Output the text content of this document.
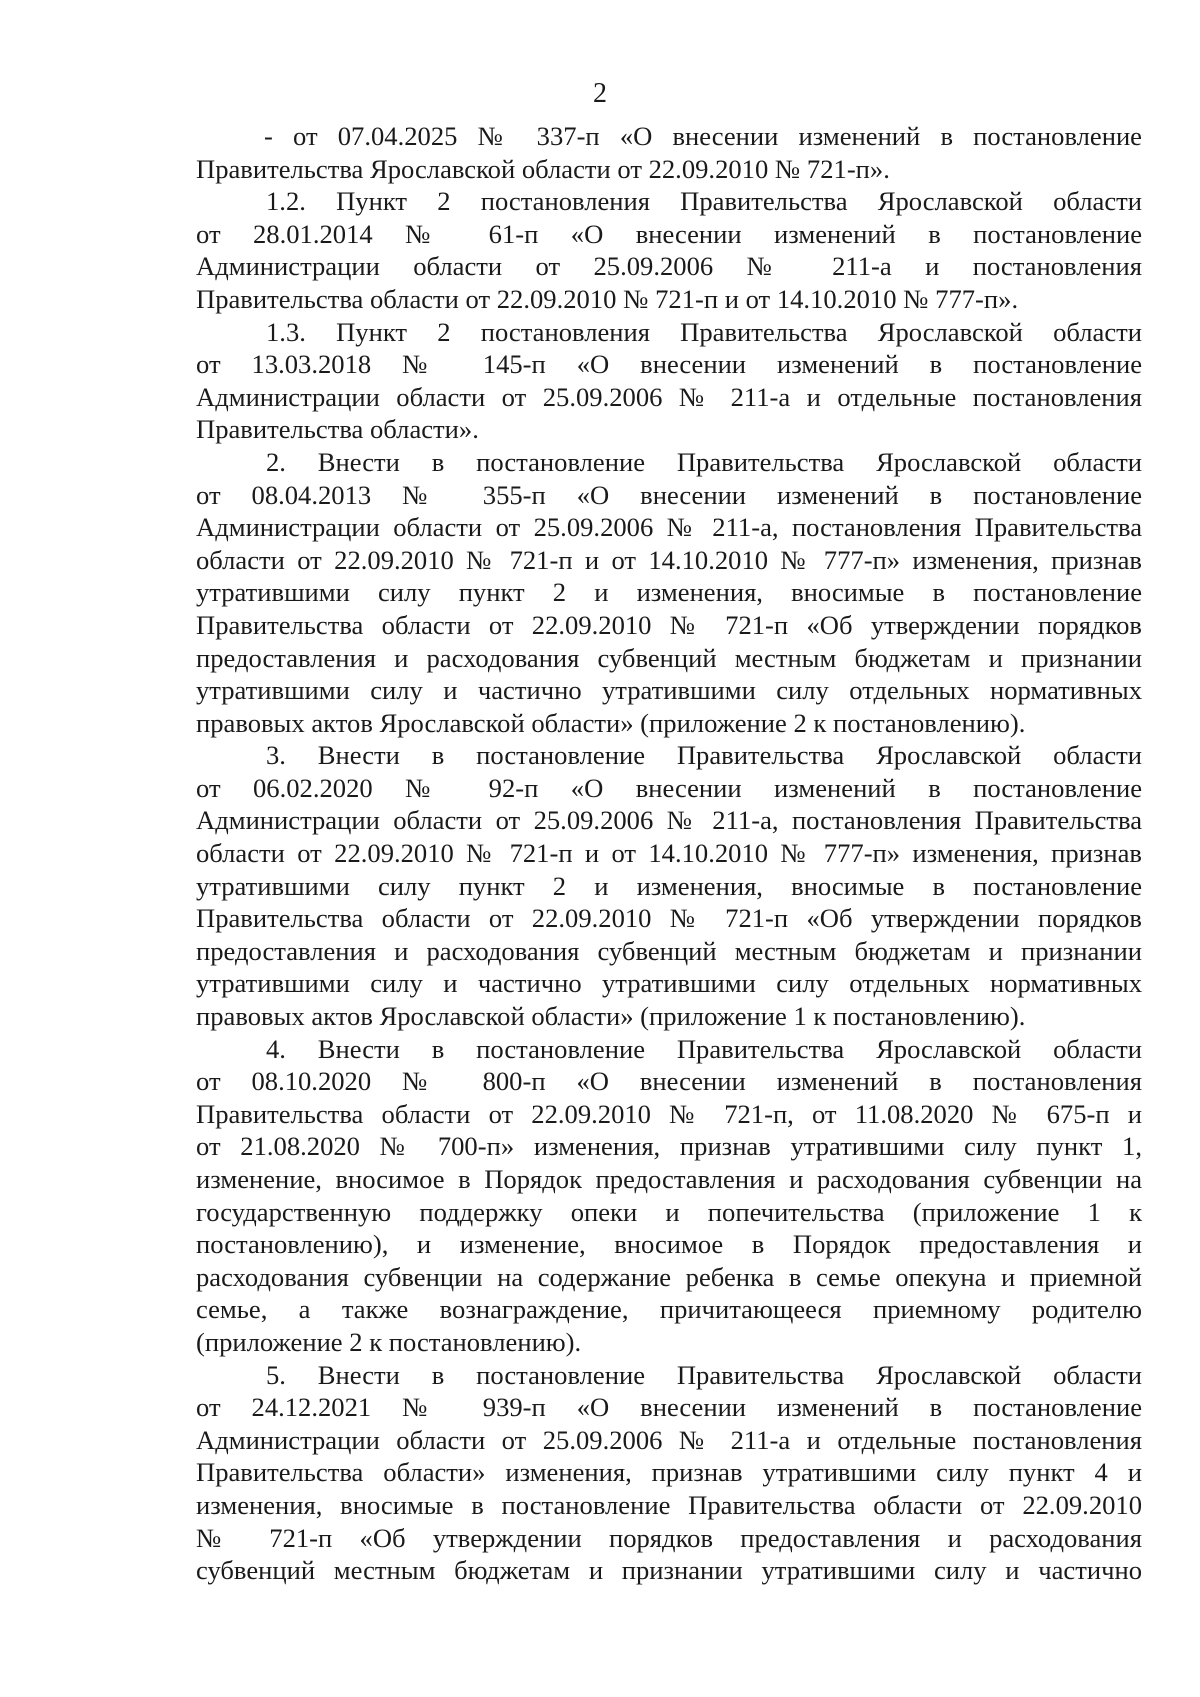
2
- от 07.04.2025 № 337-п «О внесении изменений в постановление
Правительства Ярославской области от 22.09.2010 № 721-п».
1.2. Пункт 2 постановления Правительства Ярославской области
от 28.01.2014 № 61-п «О внесении изменений в постановление
Администрации области от 25.09.2006 № 211-а и постановления
Правительства области от 22.09.2010 № 721-п и от 14.10.2010 № 777-п».
1.3. Пункт 2 постановления Правительства Ярославской области
от 13.03.2018 № 145-п «О внесении изменений в постановление
Администрации области от 25.09.2006 № 211-а и отдельные постановления
Правительства области».
2. Внести в постановление Правительства Ярославской области
от 08.04.2013 № 355-п «О внесении изменений в постановление
Администрации области от 25.09.2006 № 211-а, постановления Правительства
области от 22.09.2010 № 721-п и от 14.10.2010 № 777-п» изменения, признав
утратившими силу пункт 2 и изменения, вносимые в постановление
Правительства области от 22.09.2010 № 721-п «Об утверждении порядков
предоставления и расходования субвенций местным бюджетам и признании
утратившими силу и частично утратившими силу отдельных нормативных
правовых актов Ярославской области» (приложение 2 к постановлению).
3. Внести в постановление Правительства Ярославской области
от 06.02.2020 № 92-п «О внесении изменений в постановление
Администрации области от 25.09.2006 № 211-а, постановления Правительства
области от 22.09.2010 № 721-п и от 14.10.2010 № 777-п» изменения, признав
утратившими силу пункт 2 и изменения, вносимые в постановление
Правительства области от 22.09.2010 № 721-п «Об утверждении порядков
предоставления и расходования субвенций местным бюджетам и признании
утратившими силу и частично утратившими силу отдельных нормативных
правовых актов Ярославской области» (приложение 1 к постановлению).
4. Внести в постановление Правительства Ярославской области
от 08.10.2020 № 800-п «О внесении изменений в постановления
Правительства области от 22.09.2010 № 721-п, от 11.08.2020 № 675-п и
от 21.08.2020 № 700-п» изменения, признав утратившими силу пункт 1,
изменение, вносимое в Порядок предоставления и расходования субвенции на
государственную поддержку опеки и попечительства (приложение 1 к
постановлению), и изменение, вносимое в Порядок предоставления и
расходования субвенции на содержание ребенка в семье опекуна и приемной
семье, а также вознаграждение, причитающееся приемному родителю
(приложение 2 к постановлению).
5. Внести в постановление Правительства Ярославской области
от 24.12.2021 № 939-п «О внесении изменений в постановление
Администрации области от 25.09.2006 № 211-а и отдельные постановления
Правительства области» изменения, признав утратившими силу пункт 4 и
изменения, вносимые в постановление Правительства области от 22.09.2010
№ 721-п «Об утверждении порядков предоставления и расходования
субвенций местным бюджетам и признании утратившими силу и частично
